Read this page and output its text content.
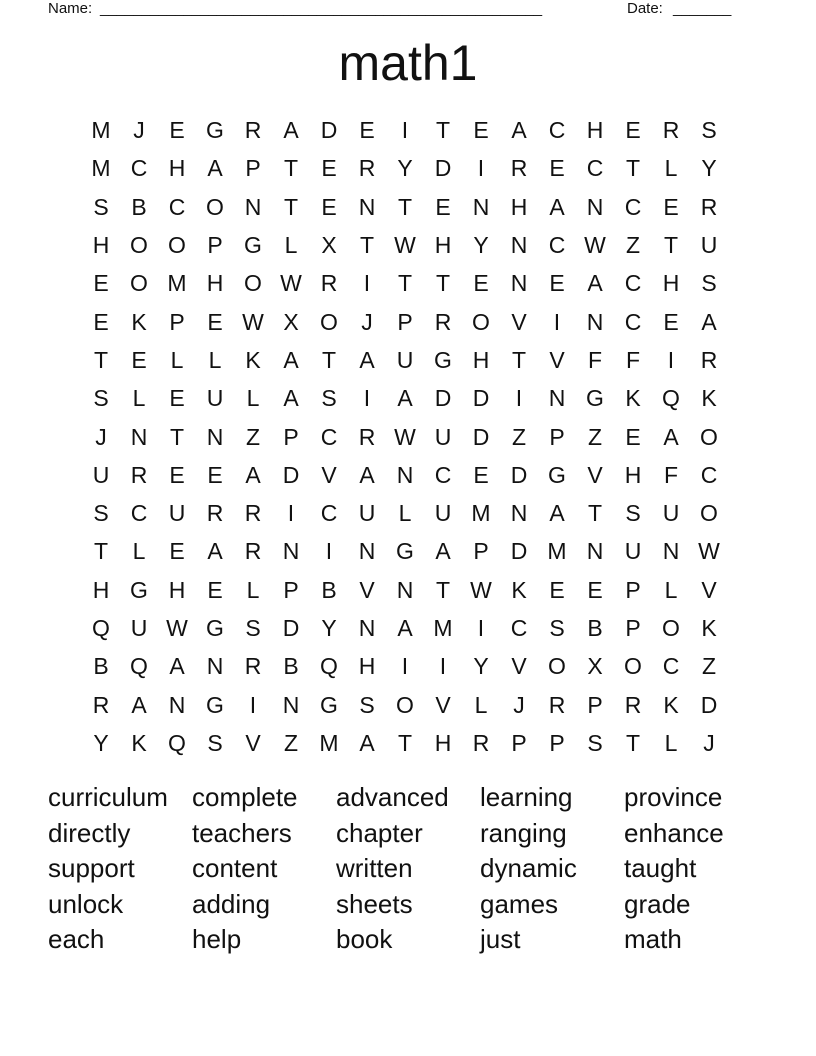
Name: _____________________________________________________	Date: _______
math1
M J	E G R A D E	I	T	E A C H E R S
M C H A P	T	E R Y D	I	R E C T	L	Y
S B C O N T	E N T	E N H A N C E R
H O O P G L	X	T W H Y N C W Z	T U
E O M H O W R	I	T	T	E N E A C H S
E K P E W X O	J	P R O V	I	N C E A
T	E	L	L	K A	T	A U G H T	V	F	F	I	R
S	L	E U	L	A S	I	A D D	I	N G K Q K
J	N T N Z	P C R W U D Z	P	Z	E A O
U R E E A D V A N C E D G V H F C
S C U R R	I	C U	L	U M N A	T	S U O
T	L	E A R N	I	N G A P D M N U N W
H G H E	L	P B V N T W K E E P	L	V
Q U W G S D Y N A M	I	C S B P O K
B Q A N R B Q H	I	I	Y V O X O C Z
R A N G	I	N G S O V	L	J	R P R K D
Y K Q S V	Z M A	T H R P P S	T	L	J
curriculum complete	advanced	learning	province
directly	teachers	chapter	ranging	enhance
support	content	written	dynamic	taught
unlock	adding	sheets	games	grade
each	help	book	just	math
